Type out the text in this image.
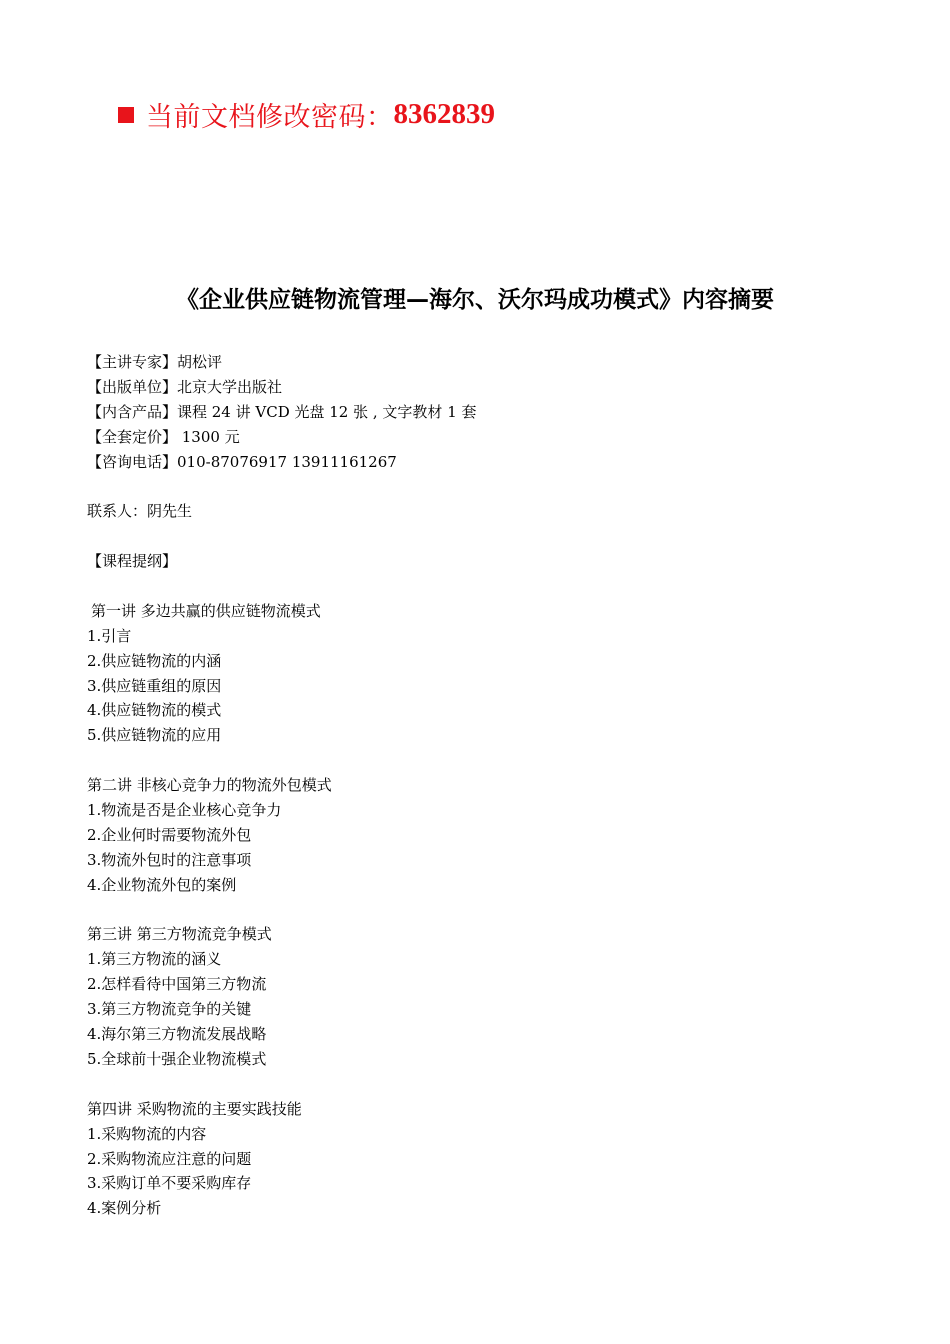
当前文档修改密码： 8362839
《企业供应链物流管理—海尔、沃尔玛成功模式》内容摘要
【主讲专家】胡松评
【出版单位】北京大学出版社
【内含产品】课程 24 讲 VCD 光盘 12 张 , 文字教材 1 套
【全套定价】 1300 元
【咨询电话】010-87076917 13911161267
联系人：阴先生
【课程提纲】
第一讲 多边共赢的供应链物流模式
1.引言
2.供应链物流的内涵
3.供应链重组的原因
4.供应链物流的模式
5.供应链物流的应用
第二讲 非核心竞争力的物流外包模式
1.物流是否是企业核心竞争力
2.企业何时需要物流外包
3.物流外包时的注意事项
4.企业物流外包的案例
第三讲 第三方物流竞争模式
1.第三方物流的涵义
2.怎样看待中国第三方物流
3.第三方物流竞争的关键
4.海尔第三方物流发展战略
5.全球前十强企业物流模式
第四讲 采购物流的主要实践技能
1.采购物流的内容
2.采购物流应注意的问题
3.采购订单不要采购库存
4.案例分析
